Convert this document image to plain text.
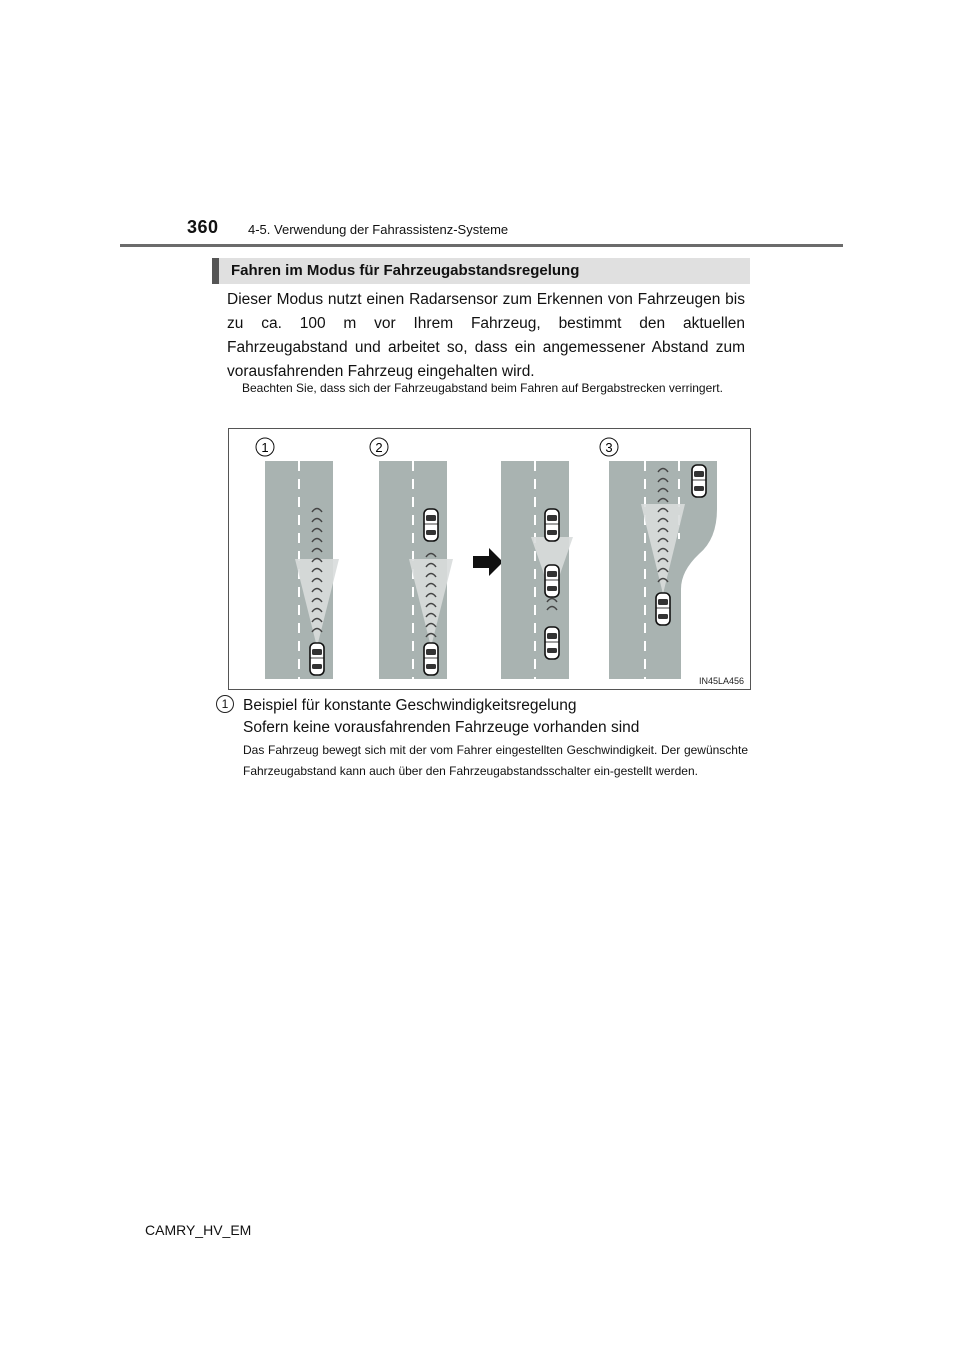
360 4-5. Verwendung der Fahrassistenz-Systeme
Fahren im Modus für Fahrzeugabstandsregelung

Dieser Modus nutzt einen Radarsensor zum Erkennen von Fahrzeugen bis zu ca. 100 m vor Ihrem Fahrzeug, bestimmt den aktuellen Fahrzeugabstand und arbeitet so, dass ein angemessener Abstand zum vorausfahrenden Fahrzeug eingehalten wird.

Beachten Sie, dass sich der Fahrzeugabstand beim Fahren auf Bergabstrecken verringert.

1	2	3
IN45LA456
1 Beispiel für konstante Geschwindigkeitsregelung
Sofern keine vorausfahrenden Fahrzeuge vorhanden sind

Das Fahrzeug bewegt sich mit der vom Fahrer eingestellten Geschwindigkeit. Der gewünschte Fahrzeugabstand kann auch über den Fahrzeugabstandsschalter ein-gestellt werden.

CAMRY_HV_EM
